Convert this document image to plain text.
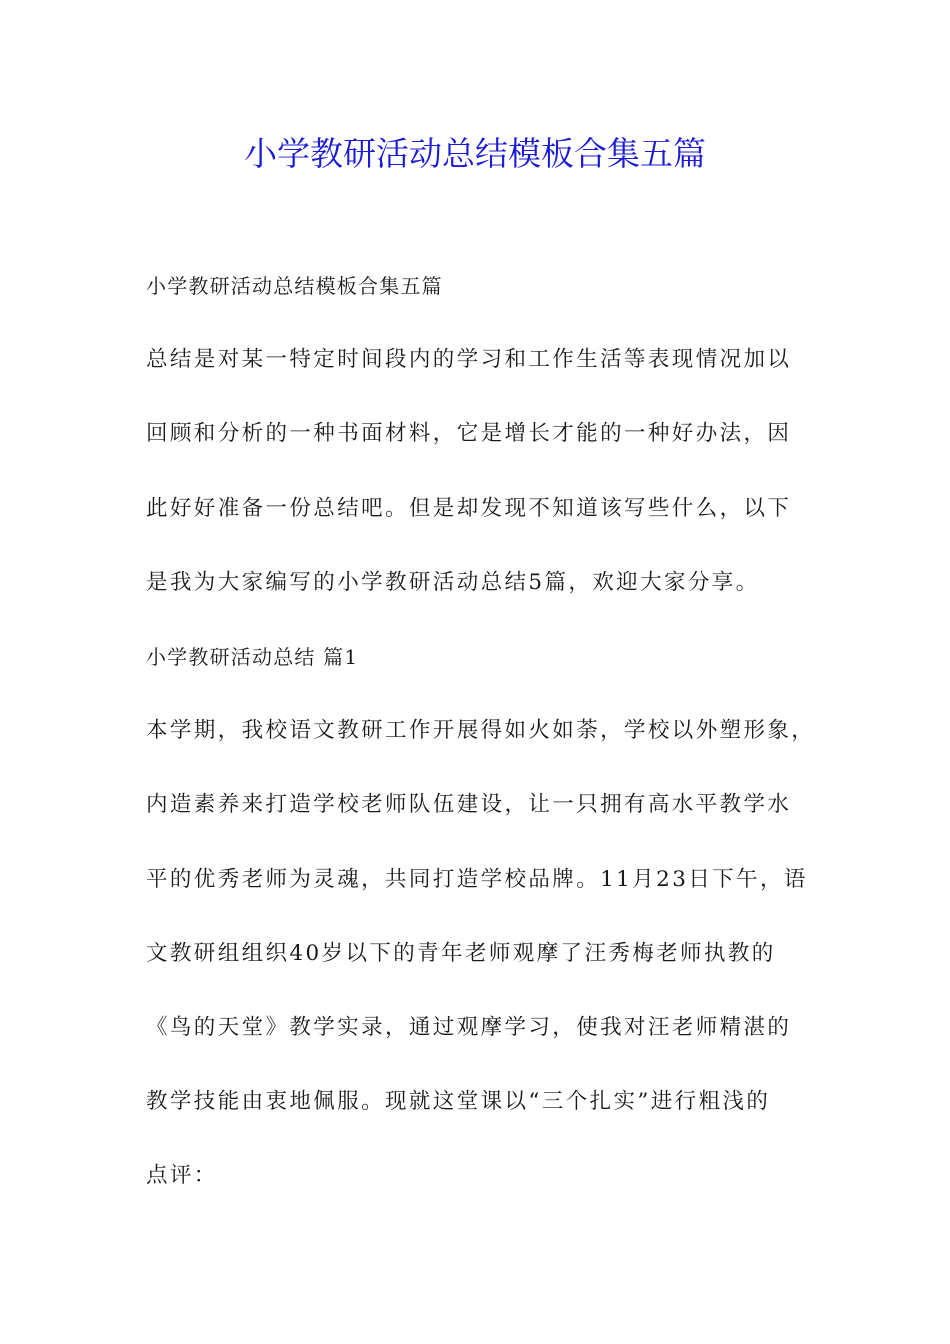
小学教研活动总结模板合集五篇
小学教研活动总结模板合集五篇
总结是对某一特定时间段内的学习和工作生活等表现情况加以
回顾和分析的一种书面材料，它是增长才能的一种好办法，因
此好好准备一份总结吧。但是却发现不知道该写些什么，以下
是我为大家编写的小学教研活动总结5篇，欢迎大家分享。
小学教研活动总结 篇1
本学期，我校语文教研工作开展得如火如荼，学校以外塑形象，
内造素养来打造学校老师队伍建设，让一只拥有高水平教学水
平的优秀老师为灵魂，共同打造学校品牌。11月23日下午，语
文教研组组织40岁以下的青年老师观摩了汪秀梅老师执教的
《鸟的天堂》教学实录，通过观摩学习，使我对汪老师精湛的
教学技能由衷地佩服。现就这堂课以“三个扎实”进行粗浅的
点评：
